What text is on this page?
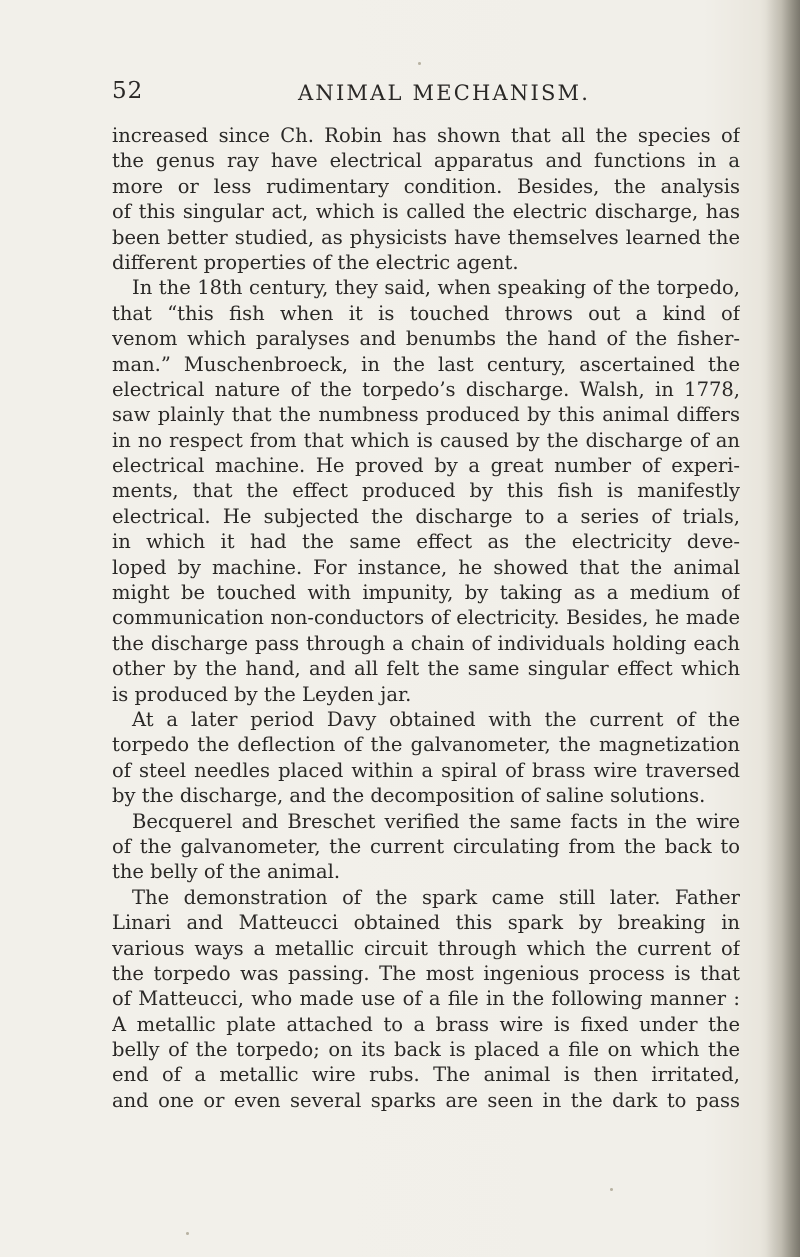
52	ANIMAL MECHANISM.
increased since Ch. Robin has shown that all the species of
the genus ray have electrical apparatus and functions in a
more or less rudimentary condition. Besides, the analysis
of this singular act, which is called the electric discharge, has
been better studied, as physicists have themselves learned the
different properties of the electric agent.
In the 18th century, they said, when speaking of the torpedo,
that “this fish when it is touched throws out a kind of
venom which paralyses and benumbs the hand of the fisher-
man.” Muschenbroeck, in the last century, ascertained the
electrical nature of the torpedo’s discharge. Walsh, in 1778,
saw plainly that the numbness produced by this animal differs
in no respect from that which is caused by the discharge of an
electrical machine. He proved by a great number of experi-
ments, that the effect produced by this fish is manifestly
electrical. He subjected the discharge to a series of trials,
in which it had the same effect as the electricity deve-
loped by machine. For instance, he showed that the animal
might be touched with impunity, by taking as a medium of
communication non-conductors of electricity. Besides, he made
the discharge pass through a chain of individuals holding each
other by the hand, and all felt the same singular effect which
is produced by the Leyden jar.
At a later period Davy obtained with the current of the
torpedo the deflection of the galvanometer, the magnetization
of steel needles placed within a spiral of brass wire traversed
by the discharge, and the decomposition of saline solutions.
Becquerel and Breschet verified the same facts in the wire
of the galvanometer, the current circulating from the back to
the belly of the animal.
The demonstration of the spark came still later. Father
Linari and Matteucci obtained this spark by breaking in
various ways a metallic circuit through which the current of
the torpedo was passing. The most ingenious process is that
of Matteucci, who made use of a file in the following manner :
A metallic plate attached to a brass wire is fixed under the
belly of the torpedo; on its back is placed a file on which the
end of a metallic wire rubs. The animal is then irritated,
and one or even several sparks are seen in the dark to pass
